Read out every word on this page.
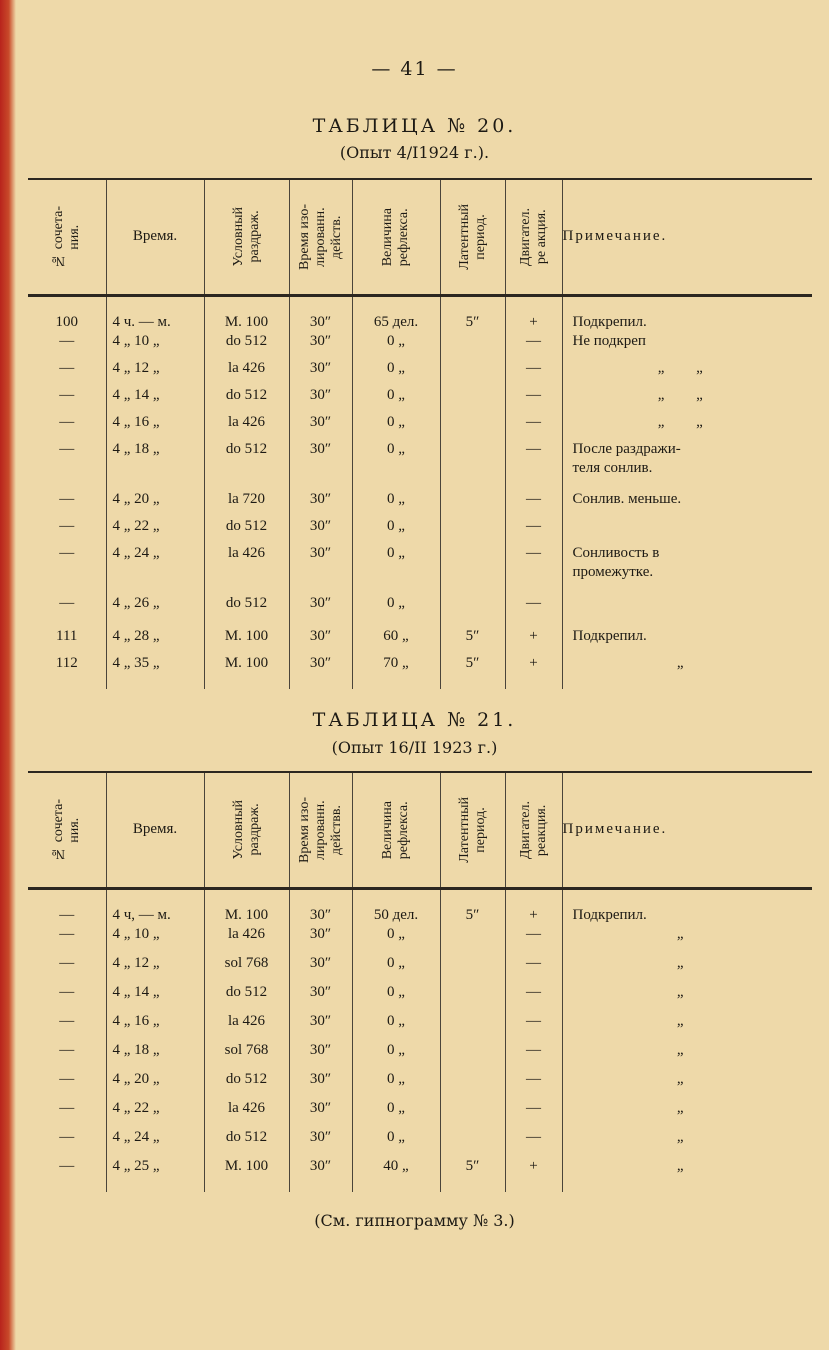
— 41 —
ТАБЛИЦА № 20.
(Опыт 4/I1924 г.).
№ сочета-
ния.	Время.	Условный
раздраж.	Время изо-
лированн.
действ.	Величина
рефлекса.	Латентный
период.	Двигател.
ре акция.	Примечание.
100	4 ч. — м.	М. 100	30″	65 дел.	5″	+	Подкрепил.
—	4 „ 10 „	do 512	30″	0 „		—	Не подкреп
—	4 „ 12 „	la 426	30″	0 „		—	„ „
—	4 „ 14 „	do 512	30″	0 „		—	„ „
—	4 „ 16 „	la 426	30″	0 „		—	„ „
—	4 „ 18 „	do 512	30″	0 „		—	После раздражи-
теля сонлив.
—	4 „ 20 „	la 720	30″	0 „		—	Сонлив. меньше.
—	4 „ 22 „	do 512	30″	0 „		—	
—	4 „ 24 „	la 426	30″	0 „		—	Сонливость в
промежутке.
—	4 „ 26 „	do 512	30″	0 „		—	
111	4 „ 28 „	М. 100	30″	60 „	5″	+	Подкрепил.
112	4 „ 35 „	М. 100	30″	70 „	5″	+	„
ТАБЛИЦА № 21.
(Опыт 16/II 1923 г.)
№ сочета-
ния.	Время.	Условный
раздраж.	Время изо-
лированн.
действв.	Величина
рефлекса.	Латентный
период.	Двигател.
реакция.	Примечание.
—	4 ч, — м.	М. 100	30″	50 дел.	5″	+	Подкрепил.
—	4 „ 10 „	la 426	30″	0 „		—	„
—	4 „ 12 „	sol 768	30″	0 „		—	„
—	4 „ 14 „	do 512	30″	0 „		—	„
—	4 „ 16 „	la 426	30″	0 „		—	„
—	4 „ 18 „	sol 768	30″	0 „		—	„
—	4 „ 20 „	do 512	30″	0 „		—	„
—	4 „ 22 „	la 426	30″	0 „		—	„
—	4 „ 24 „	do 512	30″	0 „		—	„
—	4 „ 25 „	М. 100	30″	40 „	5″	+	„
(См. гипнограмму № 3.)
